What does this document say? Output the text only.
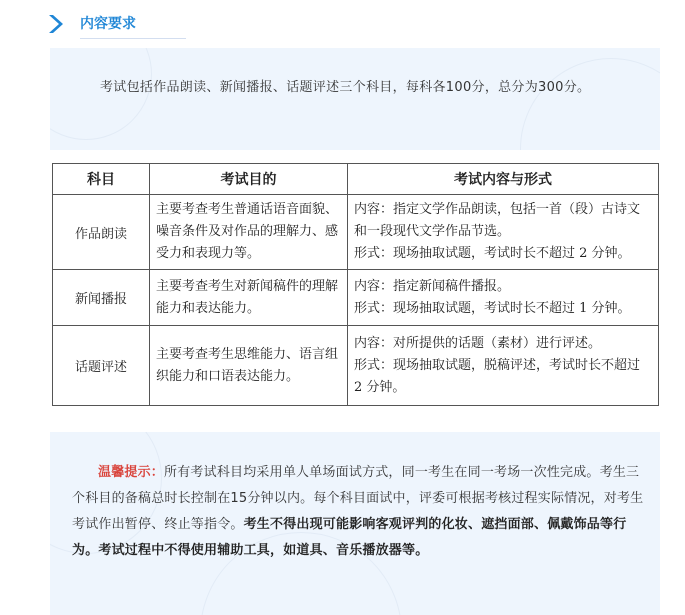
内容要求
考试包括作品朗读、新闻播报、话题评述三个科目，每科各100分，总分为300分。
科目	考试目的	考试内容与形式
作品朗读	主要考查考生普通话语音面貌、噪音条件及对作品的理解力、感受力和表现力等。	内容：指定文学作品朗读，包括一首（段）古诗文和一段现代文学作品节选。
形式：现场抽取试题，考试时长不超过 2 分钟。

新闻播报	主要考查考生对新闻稿件的理解能力和表达能力。	内容：指定新闻稿件播报。
形式：现场抽取试题，考试时长不超过 1 分钟。

话题评述	主要考查考生思维能力、语言组织能力和口语表达能力。	内容：对所提供的话题（素材）进行评述。
形式：现场抽取试题，脱稿评述，考试时长不超过 2 分钟。
温馨提示：所有考试科目均采用单人单场面试方式，同一考生在同一考场一次性完成。考生三个科目的备稿总时长控制在15分钟以内。每个科目面试中，评委可根据考核过程实际情况，对考生考试作出暂停、终止等指令。考生不得出现可能影响客观评判的化妆、遮挡面部、佩戴饰品等行为。考试过程中不得使用辅助工具，如道具、音乐播放器等。
